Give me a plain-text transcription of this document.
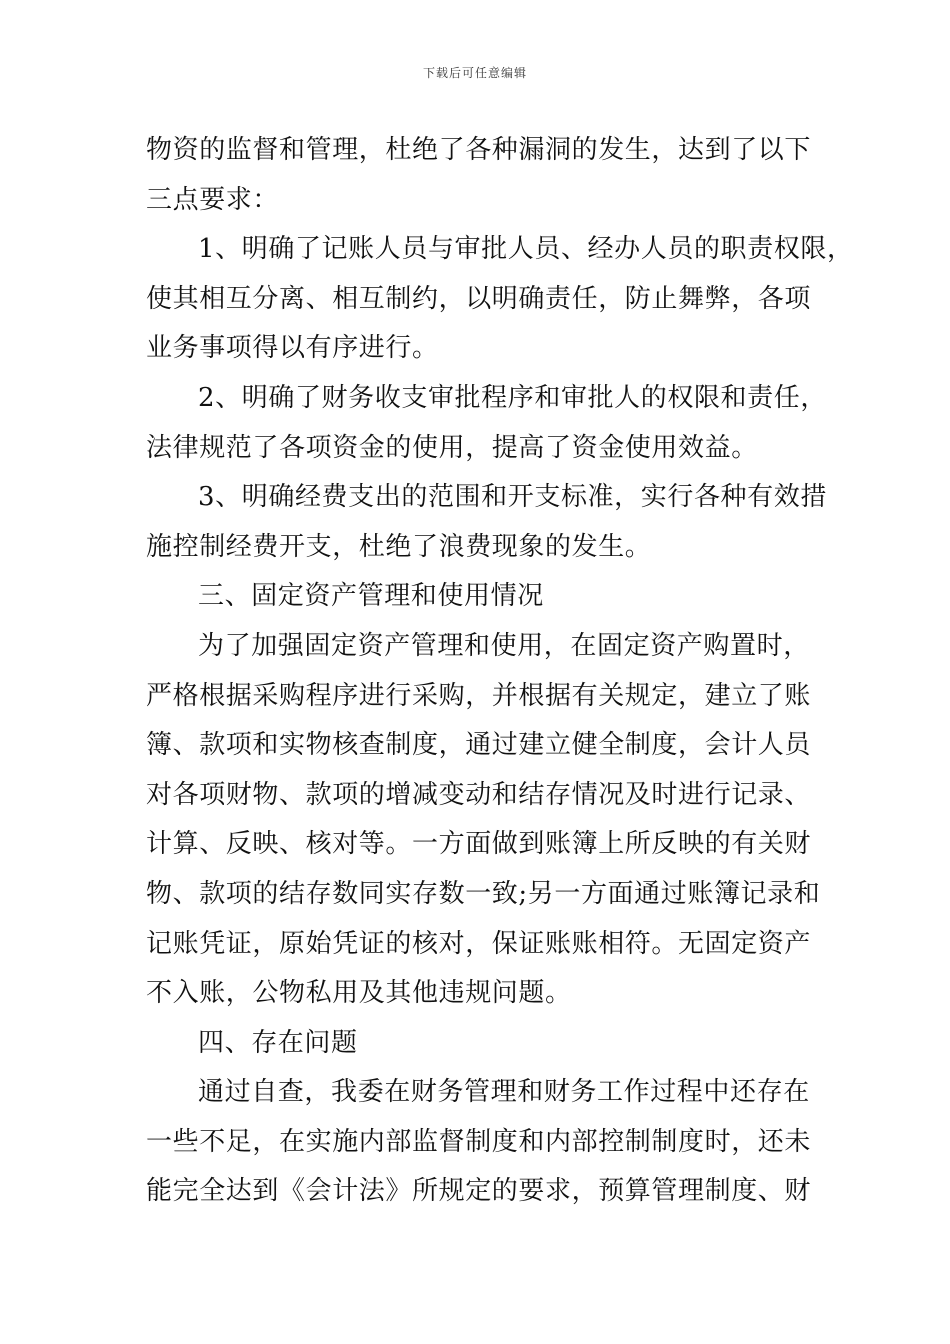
下载后可任意编辑
物资的监督和管理，杜绝了各种漏洞的发生，达到了以下
三点要求：
1、明确了记账人员与审批人员、经办人员的职责权限，
使其相互分离、相互制约，以明确责任，防止舞弊，各项
业务事项得以有序进行。
2、明确了财务收支审批程序和审批人的权限和责任，
法律规范了各项资金的使用，提高了资金使用效益。
3、明确经费支出的范围和开支标准，实行各种有效措
施控制经费开支，杜绝了浪费现象的发生。
三、固定资产管理和使用情况
为了加强固定资产管理和使用，在固定资产购置时，
严格根据采购程序进行采购，并根据有关规定，建立了账
簿、款项和实物核查制度，通过建立健全制度，会计人员
对各项财物、款项的增减变动和结存情况及时进行记录、
计算、反映、核对等。一方面做到账簿上所反映的有关财
物、款项的结存数同实存数一致;另一方面通过账簿记录和
记账凭证，原始凭证的核对，保证账账相符。无固定资产
不入账，公物私用及其他违规问题。
四、存在问题
通过自查，我委在财务管理和财务工作过程中还存在
一些不足，在实施内部监督制度和内部控制制度时，还未
能完全达到《会计法》所规定的要求，预算管理制度、财
